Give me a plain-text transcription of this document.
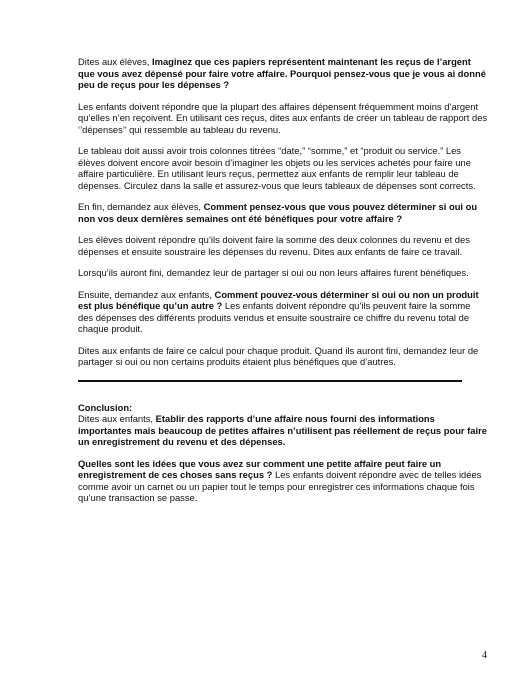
Dites aux élèves, Imaginez que ces papiers représentent maintenant les reçus de l’argent que vous avez dépensé pour faire votre affaire. Pourquoi pensez-vous que je vous ai donné peu de reçus pour les dépenses ?

Les enfants doivent répondre que la plupart des affaires dépensent fréquemment moins d’argent qu’elles n’en reçoivent. En utilisant ces reçus, dites aux enfants de créer un tableau de rapport des ‘’dépenses’’ qui ressemble au tableau du revenu.

Le tableau doit aussi avoir trois colonnes titrées “date,” “somme,” et “produit ou service.” Les élèves doivent encore avoir besoin d’imaginer les objets ou les services achetés pour faire une affaire particulière. En utilisant leurs reçus, permettez aux enfants de remplir leur tableau de dépenses. Circulez dans la salle et assurez-vous que leurs tableaux de dépenses sont corrects.

En fin, demandez aux élèves, Comment pensez-vous que vous pouvez déterminer si oui ou non vos deux dernières semaines ont été bénéfiques pour votre affaire ?

Les élèves doivent répondre qu’ils doivent faire la somme des deux colonnes du revenu et des dépenses et ensuite soustraire les dépenses du revenu. Dites aux enfants de faire ce travail.

Lorsqu’ils auront fini, demandez leur de partager si oui ou non leurs affaires furent bénéfiques.

Ensuite, demandez aux enfants, Comment pouvez-vous déterminer si oui ou non un produit est plus bénéfique qu’un autre ? Les enfants doivent répondre qu’ils peuvent faire la somme des dépenses des différents produits vendus et ensuite soustraire ce chiffre du revenu total de chaque produit.

Dites aux enfants de faire ce calcul pour chaque produit. Quand ils auront fini, demandez leur de partager si oui ou non certains produits étaient plus bénéfiques que d’autres.

Conclusion:

Dites aux enfants, Etablir des rapports d’une affaire nous fourni des informations importantes mais beaucoup de petites affaires n’utilisent pas réellement de reçus pour faire un enregistrement du revenu et des dépenses.

Quelles sont les idées que vous avez sur comment une petite affaire peut faire un enregistrement de ces choses sans reçus ? Les enfants doivent répondre avec de telles idées comme avoir un carnet ou un papier tout le temps pour enregistrer ces informations chaque fois qu’une transaction se passe.

4
